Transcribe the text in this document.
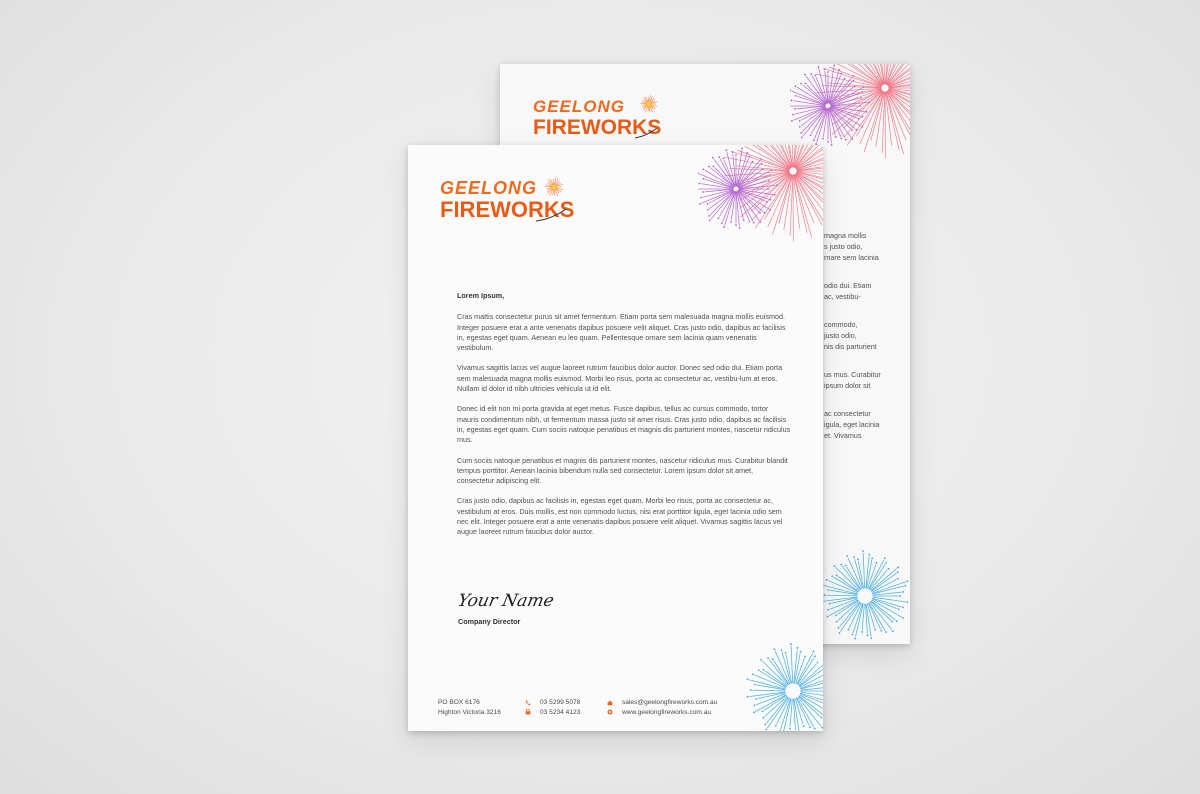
GEELONG
FIREWORKS

magna mollis
s justo odio,
rnare sem lacinia

odio dui. Etiam
ac, vestibu-

commodo,
justo odio,
nis dis parturient

us mus. Curabitur
ipsum dolor sit

ac consectetur
igula, eget lacinia
et. Vivamus

GEELONG
FIREWORKS
Lorem Ipsum,

Cras mattis consectetur purus sit amet fermentum. Etiam porta sem malesuada magna mollis euismod. Integer posuere erat a ante venenatis dapibus posuere velit aliquet. Cras justo odio, dapibus ac facilisis in, egestas eget quam. Aenean eu leo quam. Pellentesque ornare sem lacinia quam venenatis vestibulum.

Vivamus sagittis lacus vel augue laoreet rutrum faucibus dolor auctor. Donec sed odio dui. Etiam porta sem malesuada magna mollis euismod. Morbi leo risus, porta ac consectetur ac, vestibu-lum at eros. Nullam id dolor id nibh ultricies vehicula ut id elit.

Donec id elit non mi porta gravida at eget metus. Fusce dapibus, tellus ac cursus commodo, tortor mauris condimentum nibh, ut fermentum massa justo sit amet risus. Cras justo odio, dapibus ac facilisis in, egestas eget quam. Cum sociis natoque penatibus et magnis dis parturient montes, nascetur ridiculus mus.

Cum sociis natoque penatibus et magnis dis parturient montes, nascetur ridiculus mus. Curabitur blandit tempus porttitor. Aenean lacinia bibendum nulla sed consectetur. Lorem ipsum dolor sit amet, consectetur adipiscing elit.

Cras justo odio, dapibus ac facilisis in, egestas eget quam. Morbi leo risus, porta ac consectetur ac, vestibulum at eros. Duis mollis, est non commodo luctus, nisi erat porttitor ligula, eget lacinia odio sem nec elit. Integer posuere erat a ante venenatis dapibus posuere velit aliquet. Vivamus sagittis lacus vel augue laoreet rutrum faucibus dolor auctor.

Your Name
Company Director
PO BOX 6176
Highton Victoria 3216
03 5299 5078
03 5234 4123
sales@geelongfireworks.com.au
www.geelongfireworks.com.au
